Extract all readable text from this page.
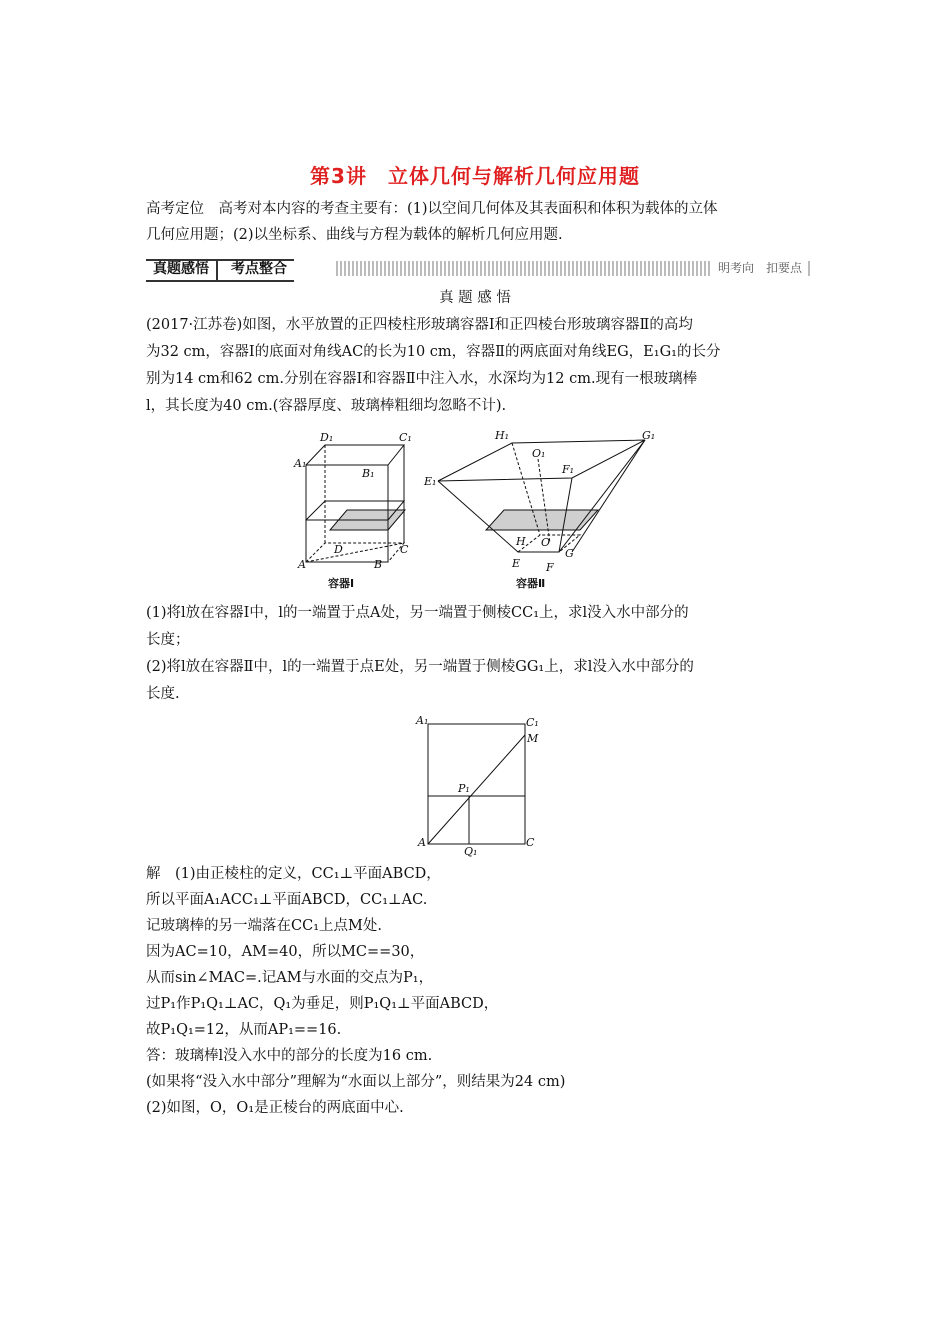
第3讲　立体几何与解析几何应用题
高考定位　高考对本内容的考查主要有：(1)以空间几何体及其表面积和体积为载体的立体
几何应用题；(2)以坐标系、曲线与方程为载体的解析几何应用题.
真题感悟 考点整合	明考向　扣要点
真 题 感 悟
(2017·江苏卷)如图，水平放置的正四棱柱形玻璃容器Ⅰ和正四棱台形玻璃容器Ⅱ的高均
为32 cm，容器Ⅰ的底面对角线AC的长为10 cm，容器Ⅱ的两底面对角线EG，E₁G₁的长分
别为14 cm和62 cm.分别在容器Ⅰ和容器Ⅱ中注入水，水深均为12 cm.现有一根玻璃棒
l，其长度为40 cm.(容器厚度、玻璃棒粗细均忽略不计).
D₁	C₁
A₁
B₁
D	C
A	B
容器Ⅰ
H₁	G₁
O₁
F₁
E₁
H O
G
E F
容器Ⅱ
(1)将l放在容器Ⅰ中，l的一端置于点A处，另一端置于侧棱CC₁上，求l没入水中部分的
长度；
(2)将l放在容器Ⅱ中，l的一端置于点E处，另一端置于侧棱GG₁上，求l没入水中部分的
长度.
A₁	C₁
M
P₁
A
Q₁
C
解　(1)由正棱柱的定义，CC₁⊥平面ABCD，
所以平面A₁ACC₁⊥平面ABCD，CC₁⊥AC.
记玻璃棒的另一端落在CC₁上点M处.
因为AC=10，AM=40，所以MC==30，
从而sin∠MAC=.记AM与水面的交点为P₁，
过P₁作P₁Q₁⊥AC，Q₁为垂足，则P₁Q₁⊥平面ABCD，
故P₁Q₁=12，从而AP₁==16.
答：玻璃棒l没入水中的部分的长度为16 cm.
(如果将“没入水中部分”理解为“水面以上部分”，则结果为24 cm)
(2)如图，O，O₁是正棱台的两底面中心.
